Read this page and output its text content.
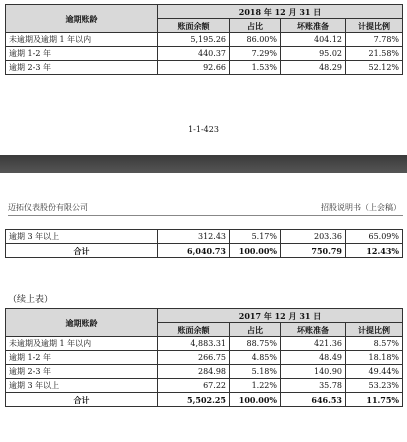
逾期账龄	2018 年 12 月 31 日			
	账面余额	占比	坏账准备	计提比例
未逾期及逾期 1 年以内	5,195.26	86.00%	404.12	7.78%
逾期 1-2 年	440.37	7.29%	95.02	21.58%
逾期 2-3 年	92.66	1.53%	48.29	52.12%
1-1-423
迈拓仪表股份有限公司	招股说明书（上会稿）
逾期 3 年以上	312.43	5.17%	203.36	65.09%
合计	6,040.73	100.00%	750.79	12.43%
（续上表）
逾期账龄	2017 年 12 月 31 日			
	账面余额	占比	坏账准备	计提比例
未逾期及逾期 1 年以内	4,883.31	88.75%	421.36	8.57%
逾期 1-2 年	266.75	4.85%	48.49	18.18%
逾期 2-3 年	284.98	5.18%	140.90	49.44%
逾期 3 年以上	67.22	1.22%	35.78	53.23%
合计	5,502.25	100.00%	646.53	11.75%
